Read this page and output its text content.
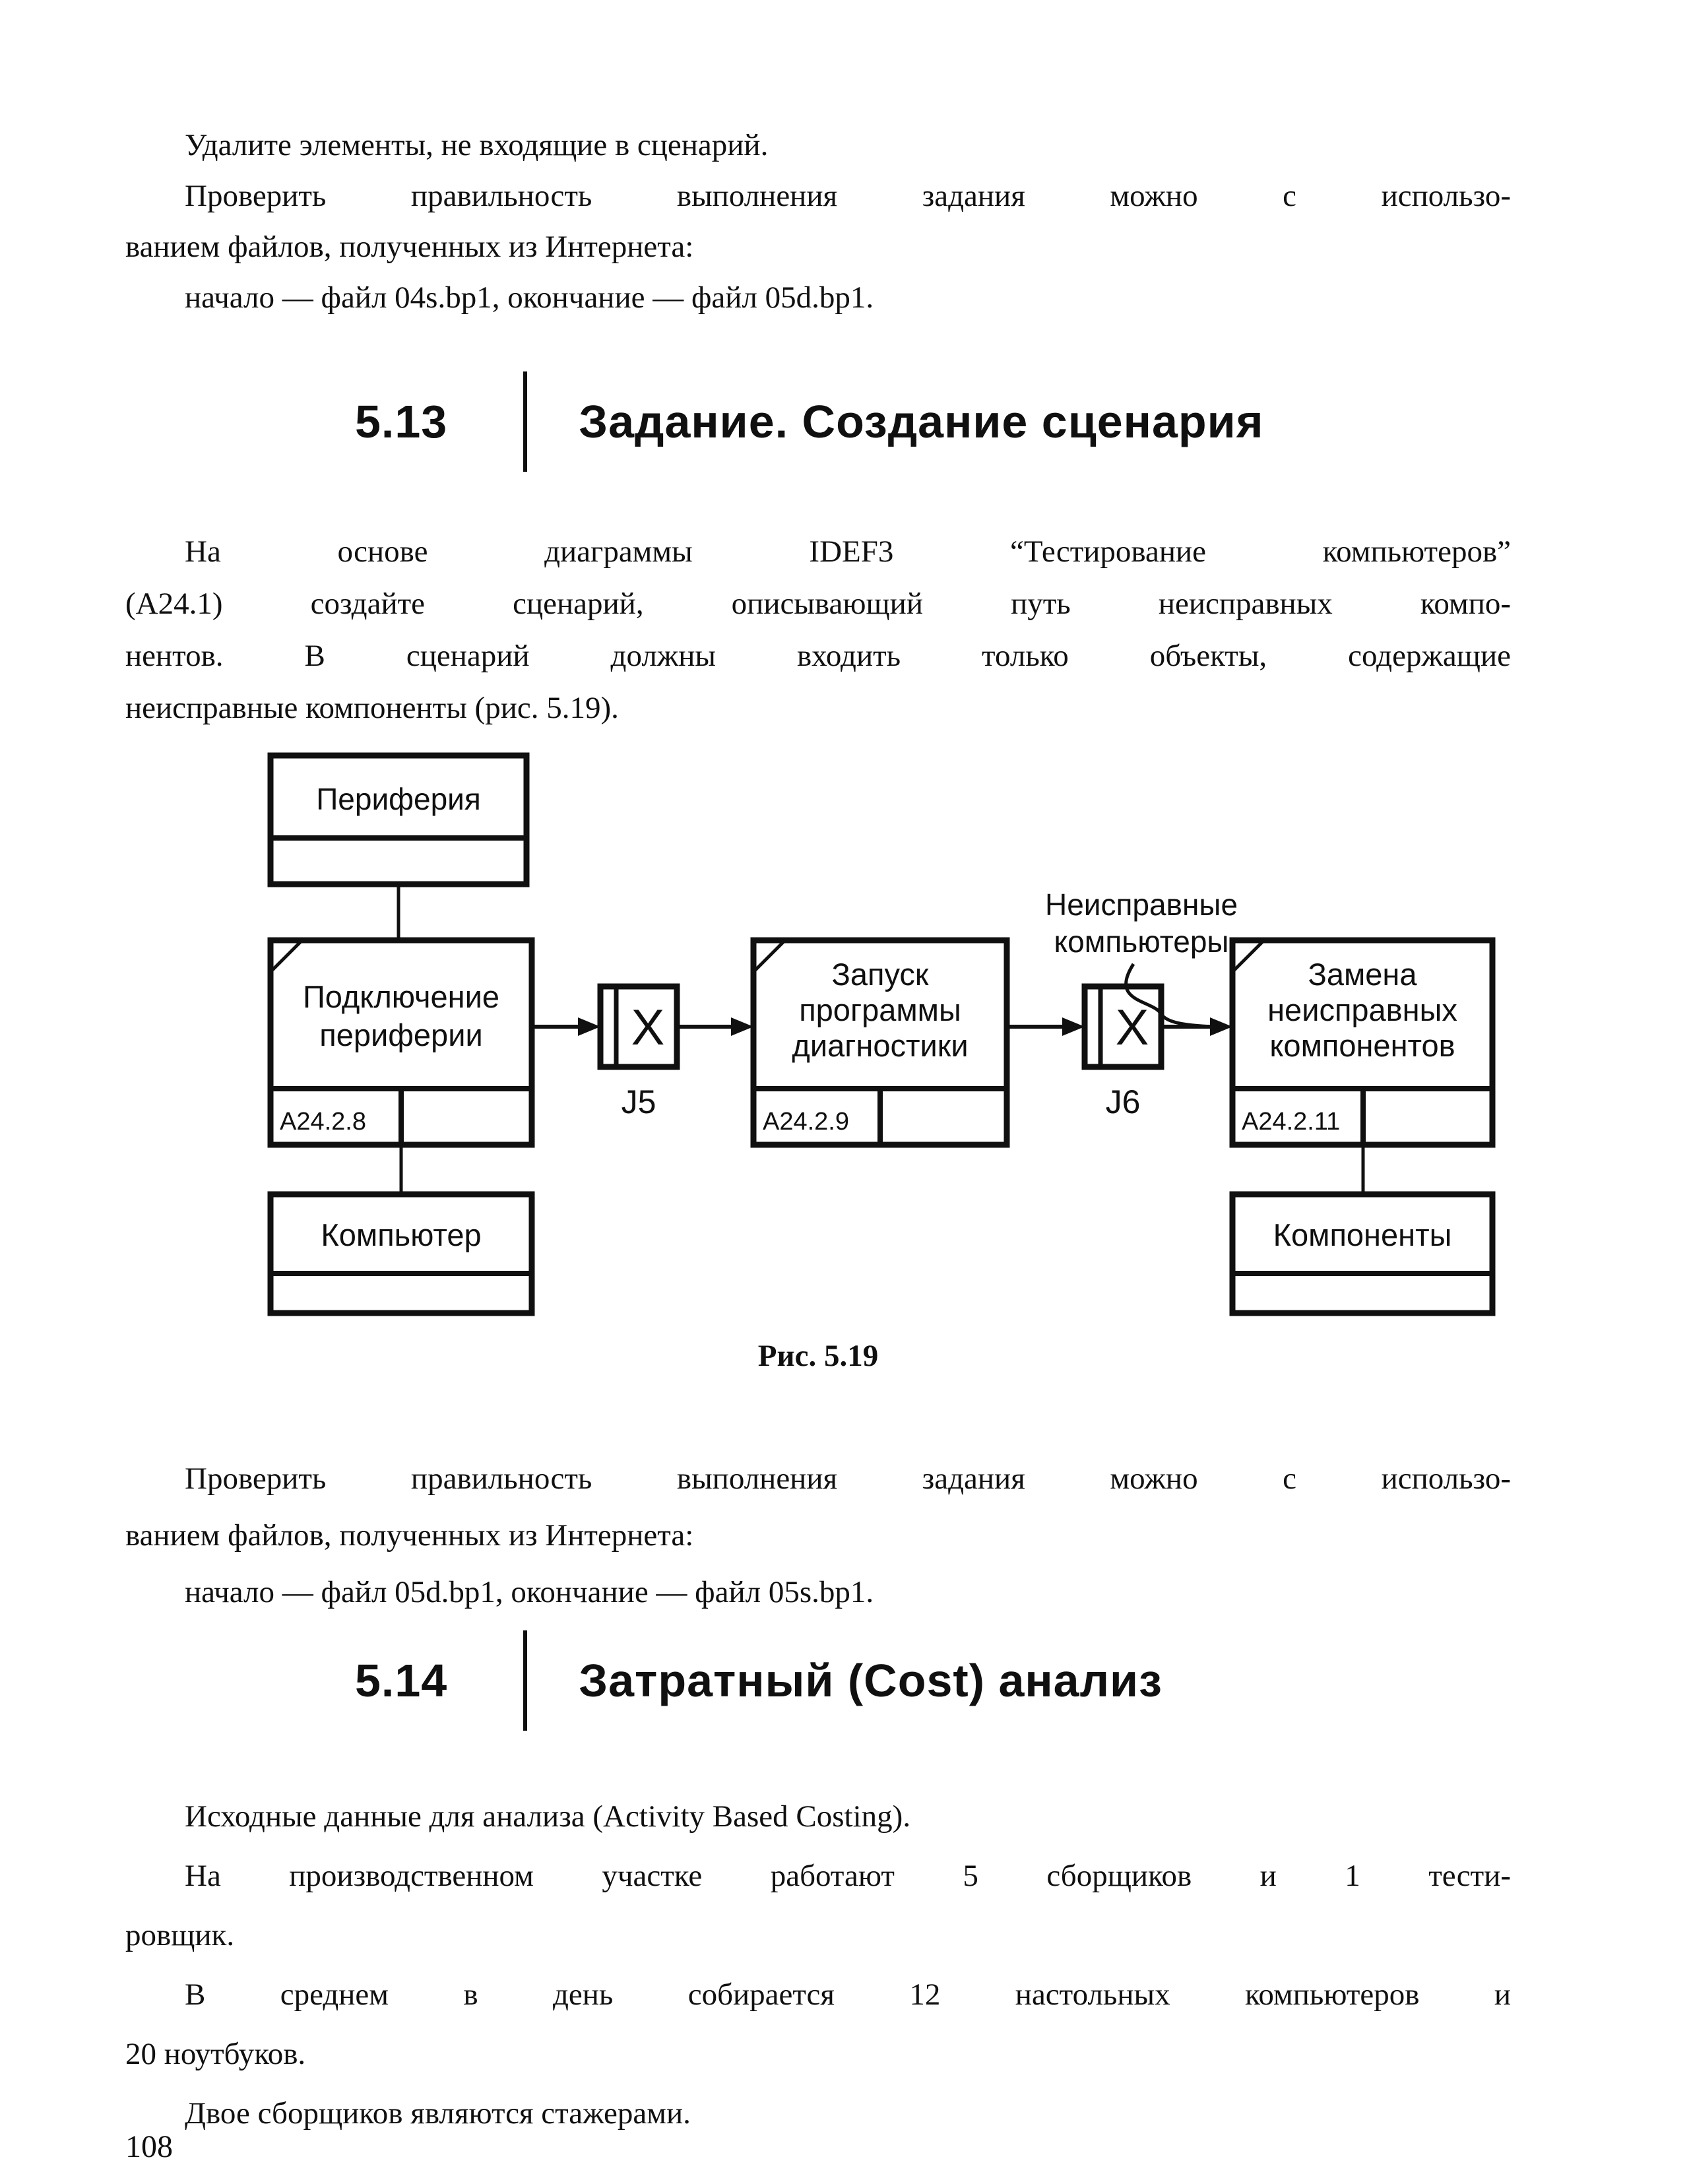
Удалите элементы, не входящие в сценарий.
Проверить правильность выполнения задания можно с использо-
ванием файлов, полученных из Интернета:
начало — файл 04s.bp1, окончание — файл 05d.bp1.
5.13	Задание. Создание сценария
На основе диаграммы IDEF3 “Тестирование компьютеров”
(А24.1) создайте сценарий, описывающий путь неисправных компо-
нентов. В сценарий должны входить только объекты, содержащие
неисправные компоненты (рис. 5.19).
Периферия
Подключение
периферии
А24.2.8
X
J5
Запуск
программы
диагностики
А24.2.9
X
J6
Неисправные
компьютеры
Замена
неисправных
компонентов
А24.2.11
Компьютер	Компоненты
Рис. 5.19
Проверить правильность выполнения задания можно с использо-
ванием файлов, полученных из Интернета:
начало — файл 05d.bp1, окончание — файл 05s.bp1.
5.14	Затратный (Cost) анализ
Исходные данные для анализа (Activity Based Costing).
На производственном участке работают 5 сборщиков и 1 тести-
ровщик.
В среднем в день собирается 12 настольных компьютеров и
20 ноутбуков.
Двое сборщиков являются стажерами.
108
